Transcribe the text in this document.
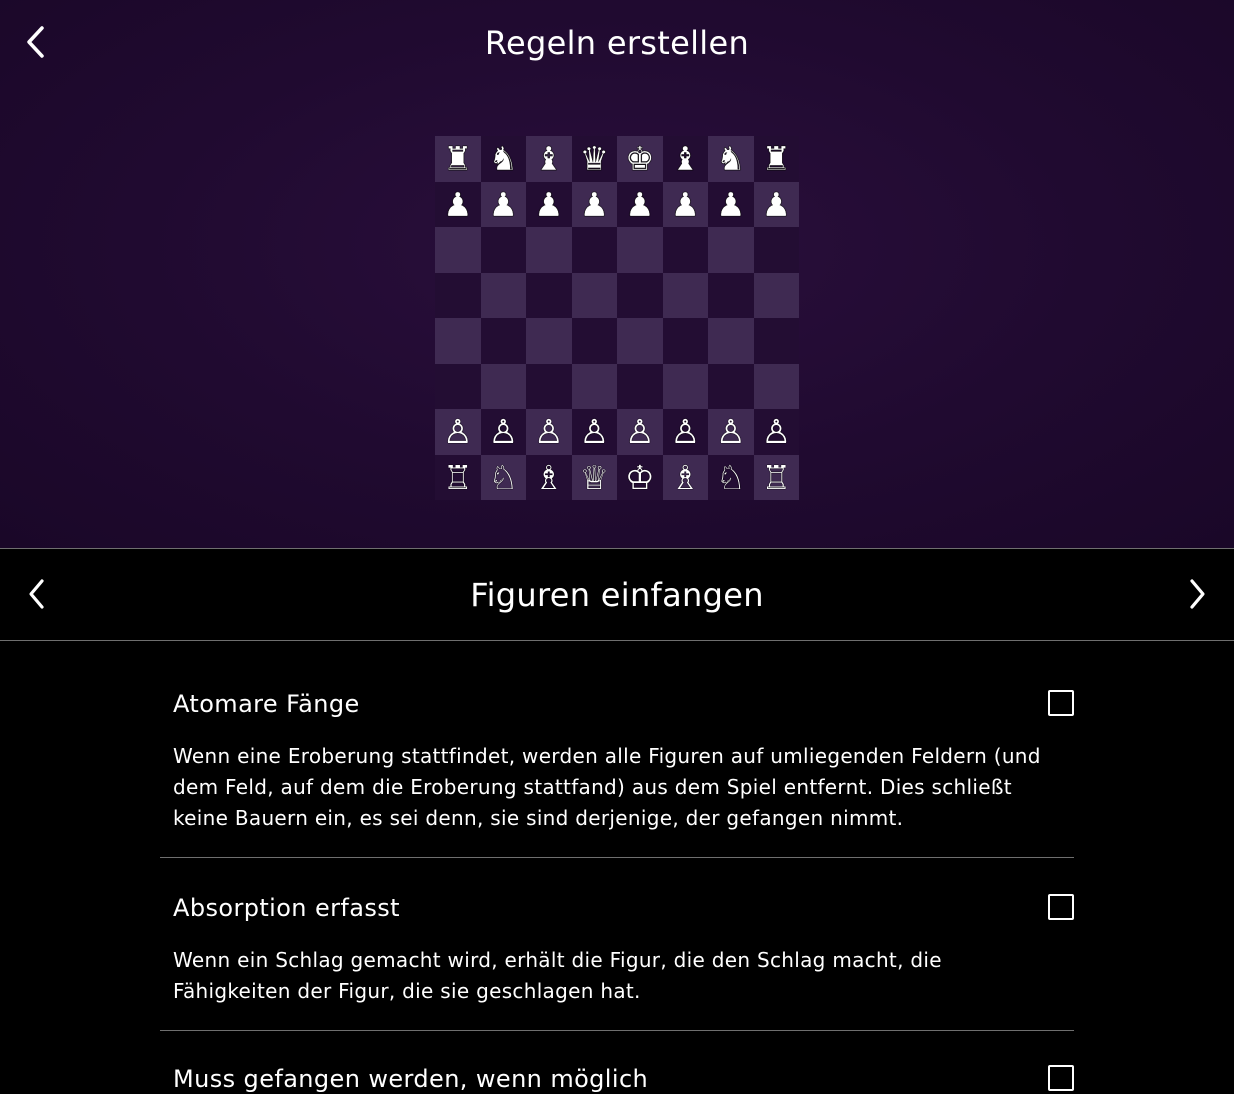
Regeln erstellen
♜ ♞ ♝ ♛ ♚ ♝ ♞ ♜
♟ ♟ ♟ ♟ ♟ ♟ ♟ ♟
♙ ♙ ♙ ♙ ♙ ♙ ♙ ♙
♖ ♘ ♗ ♕ ♔ ♗ ♘ ♖
Figuren einfangen
Atomare Fänge
Wenn eine Eroberung stattfindet, werden alle Figuren auf umliegenden Feldern (und
dem Feld, auf dem die Eroberung stattfand) aus dem Spiel entfernt. Dies schließt
keine Bauern ein, es sei denn, sie sind derjenige, der gefangen nimmt.
Absorption erfasst
Wenn ein Schlag gemacht wird, erhält die Figur, die den Schlag macht, die
Fähigkeiten der Figur, die sie geschlagen hat.
Muss gefangen werden, wenn möglich
